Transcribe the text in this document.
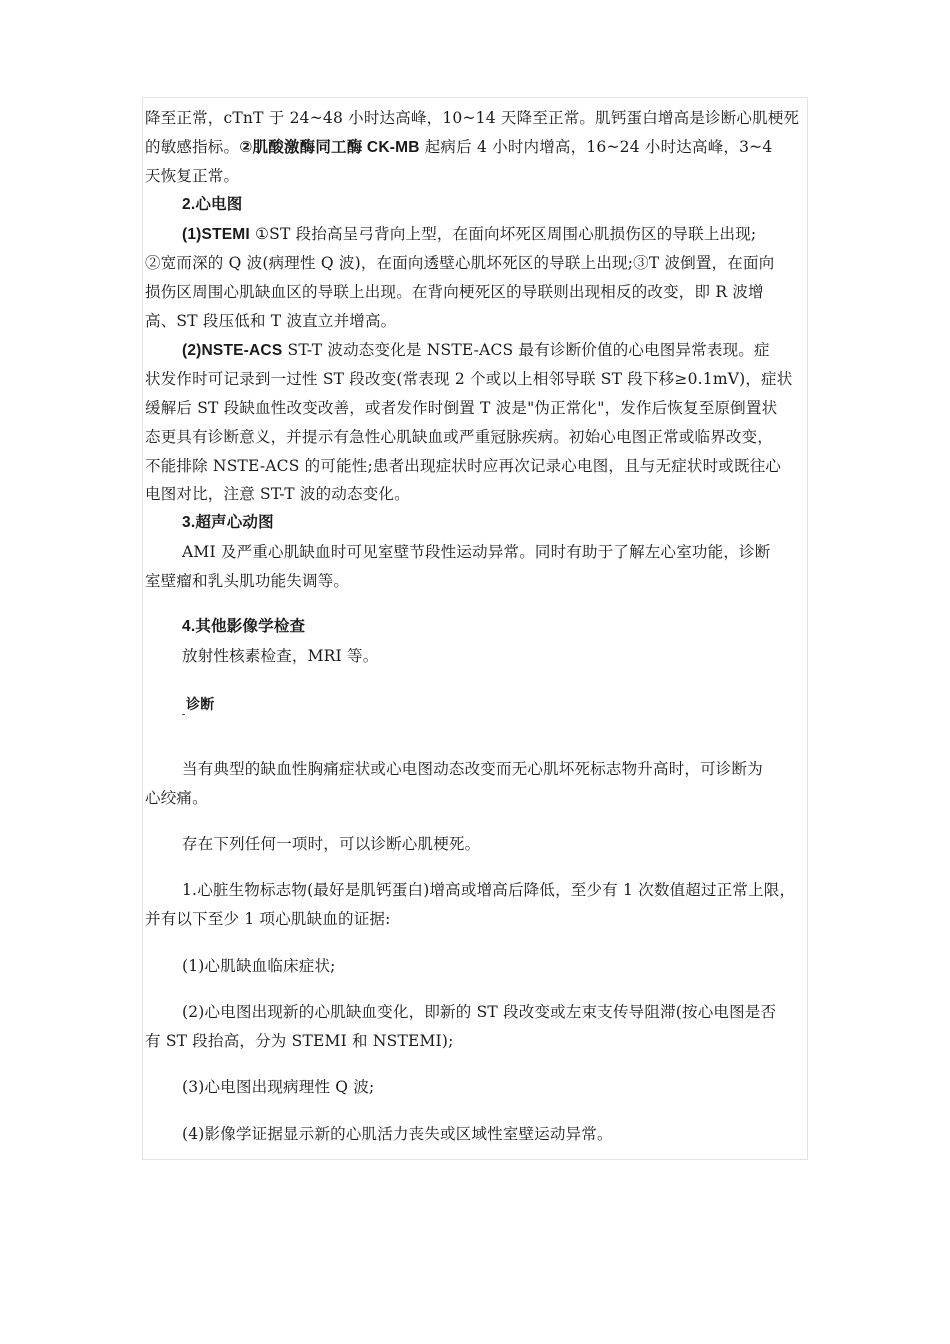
降至正常，cTnT 于 24~48 小时达高峰，10~14 天降至正常。肌钙蛋白增高是诊断心肌梗死
的敏感指标。②肌酸激酶同工酶 CK-MB 起病后 4 小时内增高，16~24 小时达高峰，3~4
天恢复正常。
2.心电图
(1)STEMI ①ST 段抬高呈弓背向上型，在面向坏死区周围心肌损伤区的导联上出现;
②宽而深的 Q 波(病理性 Q 波)，在面向透壁心肌坏死区的导联上出现;③T 波倒置，在面向
损伤区周围心肌缺血区的导联上出现。在背向梗死区的导联则出现相反的改变，即 R 波增
高、ST 段压低和 T 波直立并增高。
(2)NSTE-ACS ST-T 波动态变化是 NSTE-ACS 最有诊断价值的心电图异常表现。症
状发作时可记录到一过性 ST 段改变(常表现 2 个或以上相邻导联 ST 段下移≥0.1mV)，症状
缓解后 ST 段缺血性改变改善，或者发作时倒置 T 波是"伪正常化"，发作后恢复至原倒置状
态更具有诊断意义，并提示有急性心肌缺血或严重冠脉疾病。初始心电图正常或临界改变，
不能排除 NSTE-ACS 的可能性;患者出现症状时应再次记录心电图，且与无症状时或既往心
电图对比，注意 ST-T 波的动态变化。
3.超声心动图
AMI 及严重心肌缺血时可见室壁节段性运动异常。同时有助于了解左心室功能，诊断
室壁瘤和乳头肌功能失调等。
4.其他影像学检查
放射性核素检查，MRI 等。
诊断
当有典型的缺血性胸痛症状或心电图动态改变而无心肌坏死标志物升高时，可诊断为
心绞痛。
存在下列任何一项时，可以诊断心肌梗死。
1.心脏生物标志物(最好是肌钙蛋白)增高或增高后降低，至少有 1 次数值超过正常上限，
并有以下至少 1 项心肌缺血的证据:
(1)心肌缺血临床症状;
(2)心电图出现新的心肌缺血变化，即新的 ST 段改变或左束支传导阻滞(按心电图是否
有 ST 段抬高，分为 STEMI 和 NSTEMI);
(3)心电图出现病理性 Q 波;
(4)影像学证据显示新的心肌活力丧失或区域性室壁运动异常。
